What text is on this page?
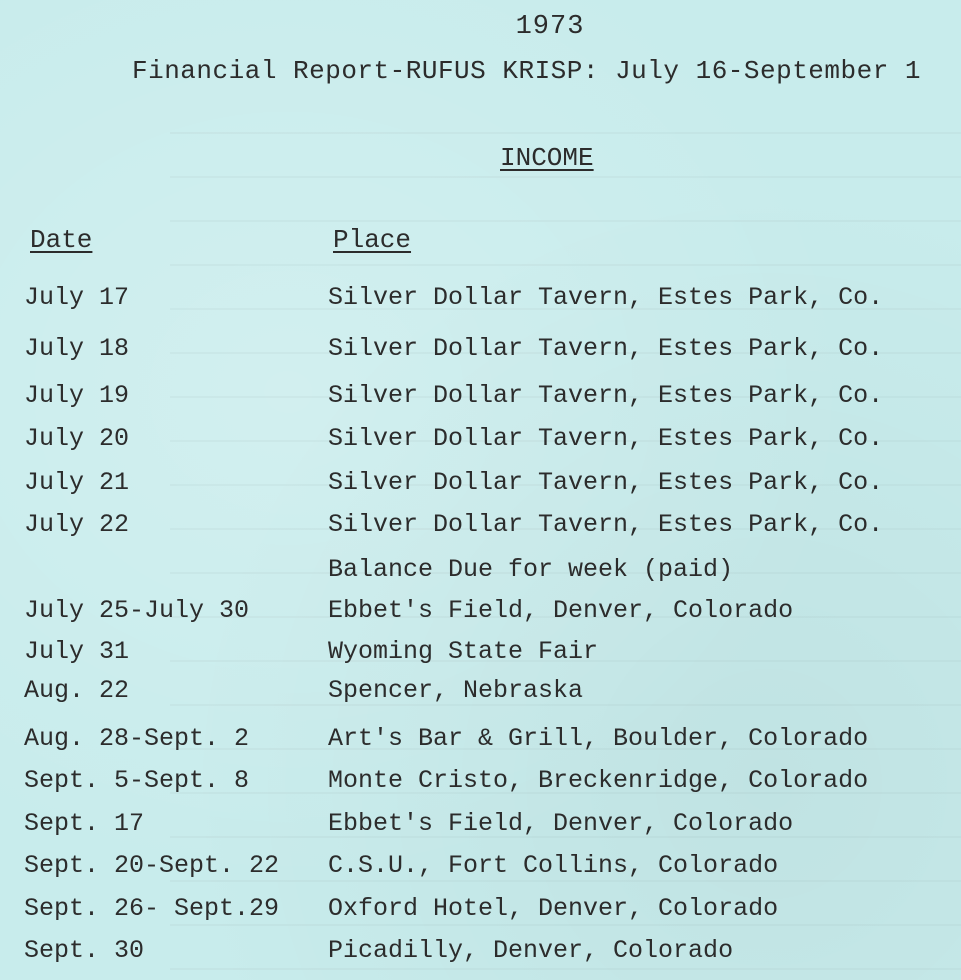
1973
Financial Report-RUFUS KRISP: July 16-September 1
INCOME
Date	Place
July 17	Silver Dollar Tavern, Estes Park, Co.
July 18	Silver Dollar Tavern, Estes Park, Co.
July 19	Silver Dollar Tavern, Estes Park, Co.
July 20	Silver Dollar Tavern, Estes Park, Co.
July 21	Silver Dollar Tavern, Estes Park, Co.
July 22	Silver Dollar Tavern, Estes Park, Co.
Balance Due for week (paid)
July 25-July 30	Ebbet's Field, Denver, Colorado
July 31	Wyoming State Fair
Aug. 22	Spencer, Nebraska
Aug. 28-Sept. 2	Art's Bar & Grill, Boulder, Colorado
Sept. 5-Sept. 8	Monte Cristo, Breckenridge, Colorado
Sept. 17	Ebbet's Field, Denver, Colorado
Sept. 20-Sept. 22 C.S.U., Fort Collins, Colorado
Sept. 26- Sept.29 Oxford Hotel, Denver, Colorado
Sept. 30	Picadilly, Denver, Colorado
